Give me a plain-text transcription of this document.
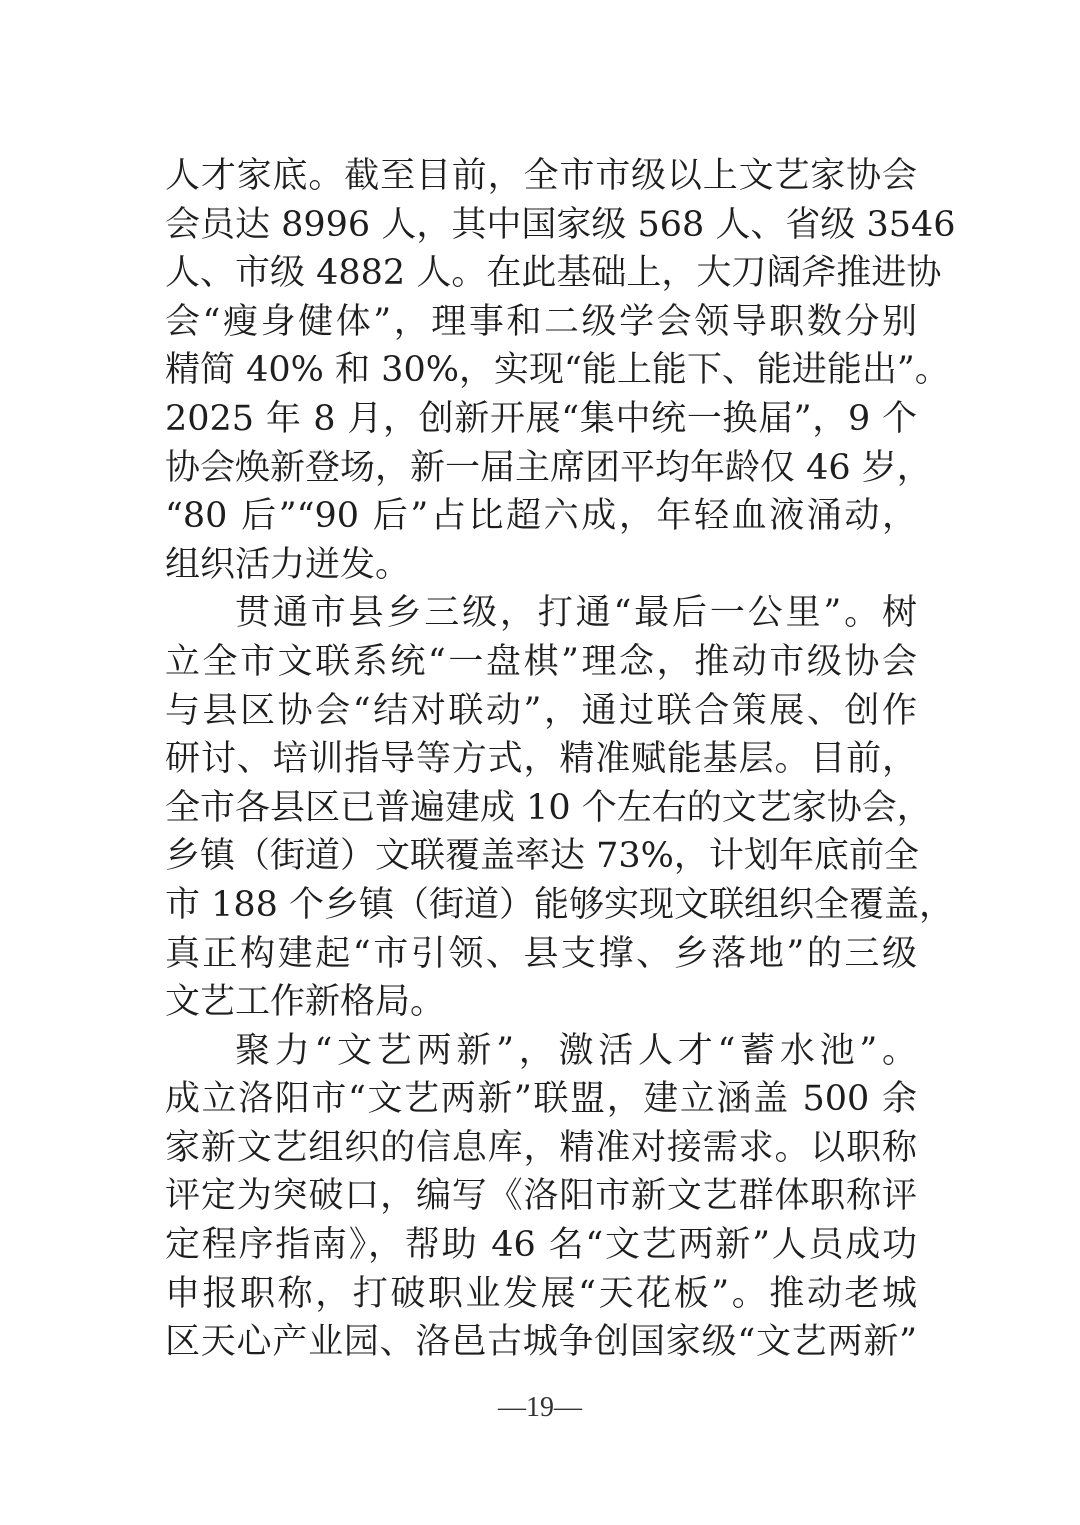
人才家底。截至目前，全市市级以上文艺家协会
会员达 8996 人，其中国家级 568 人、省级 3546
人、市级 4882 人。在此基础上，大刀阔斧推进协
会“瘦身健体”，理事和二级学会领导职数分别
精简 40% 和 30%，实现“能上能下、能进能出”。
2025 年 8 月，创新开展“集中统一换届”，9 个
协会焕新登场，新一届主席团平均年龄仅 46 岁，
“80 后”“90 后”占比超六成，年轻血液涌动，
组织活力迸发。
贯通市县乡三级，打通“最后一公里”。树
立全市文联系统“一盘棋”理念，推动市级协会
与县区协会“结对联动”，通过联合策展、创作
研讨、培训指导等方式，精准赋能基层。目前，
全市各县区已普遍建成 10 个左右的文艺家协会，
乡镇（街道）文联覆盖率达 73%，计划年底前全
市 188 个乡镇（街道）能够实现文联组织全覆盖，
真正构建起“市引领、县支撑、乡落地”的三级
文艺工作新格局。
聚力“文艺两新”，激活人才“蓄水池”。
成立洛阳市“文艺两新”联盟，建立涵盖 500 余
家新文艺组织的信息库，精准对接需求。以职称
评定为突破口，编写《洛阳市新文艺群体职称评
定程序指南》，帮助 46 名“文艺两新”人员成功
申报职称，打破职业发展“天花板”。推动老城
区天心产业园、洛邑古城争创国家级“文艺两新”
—19—
